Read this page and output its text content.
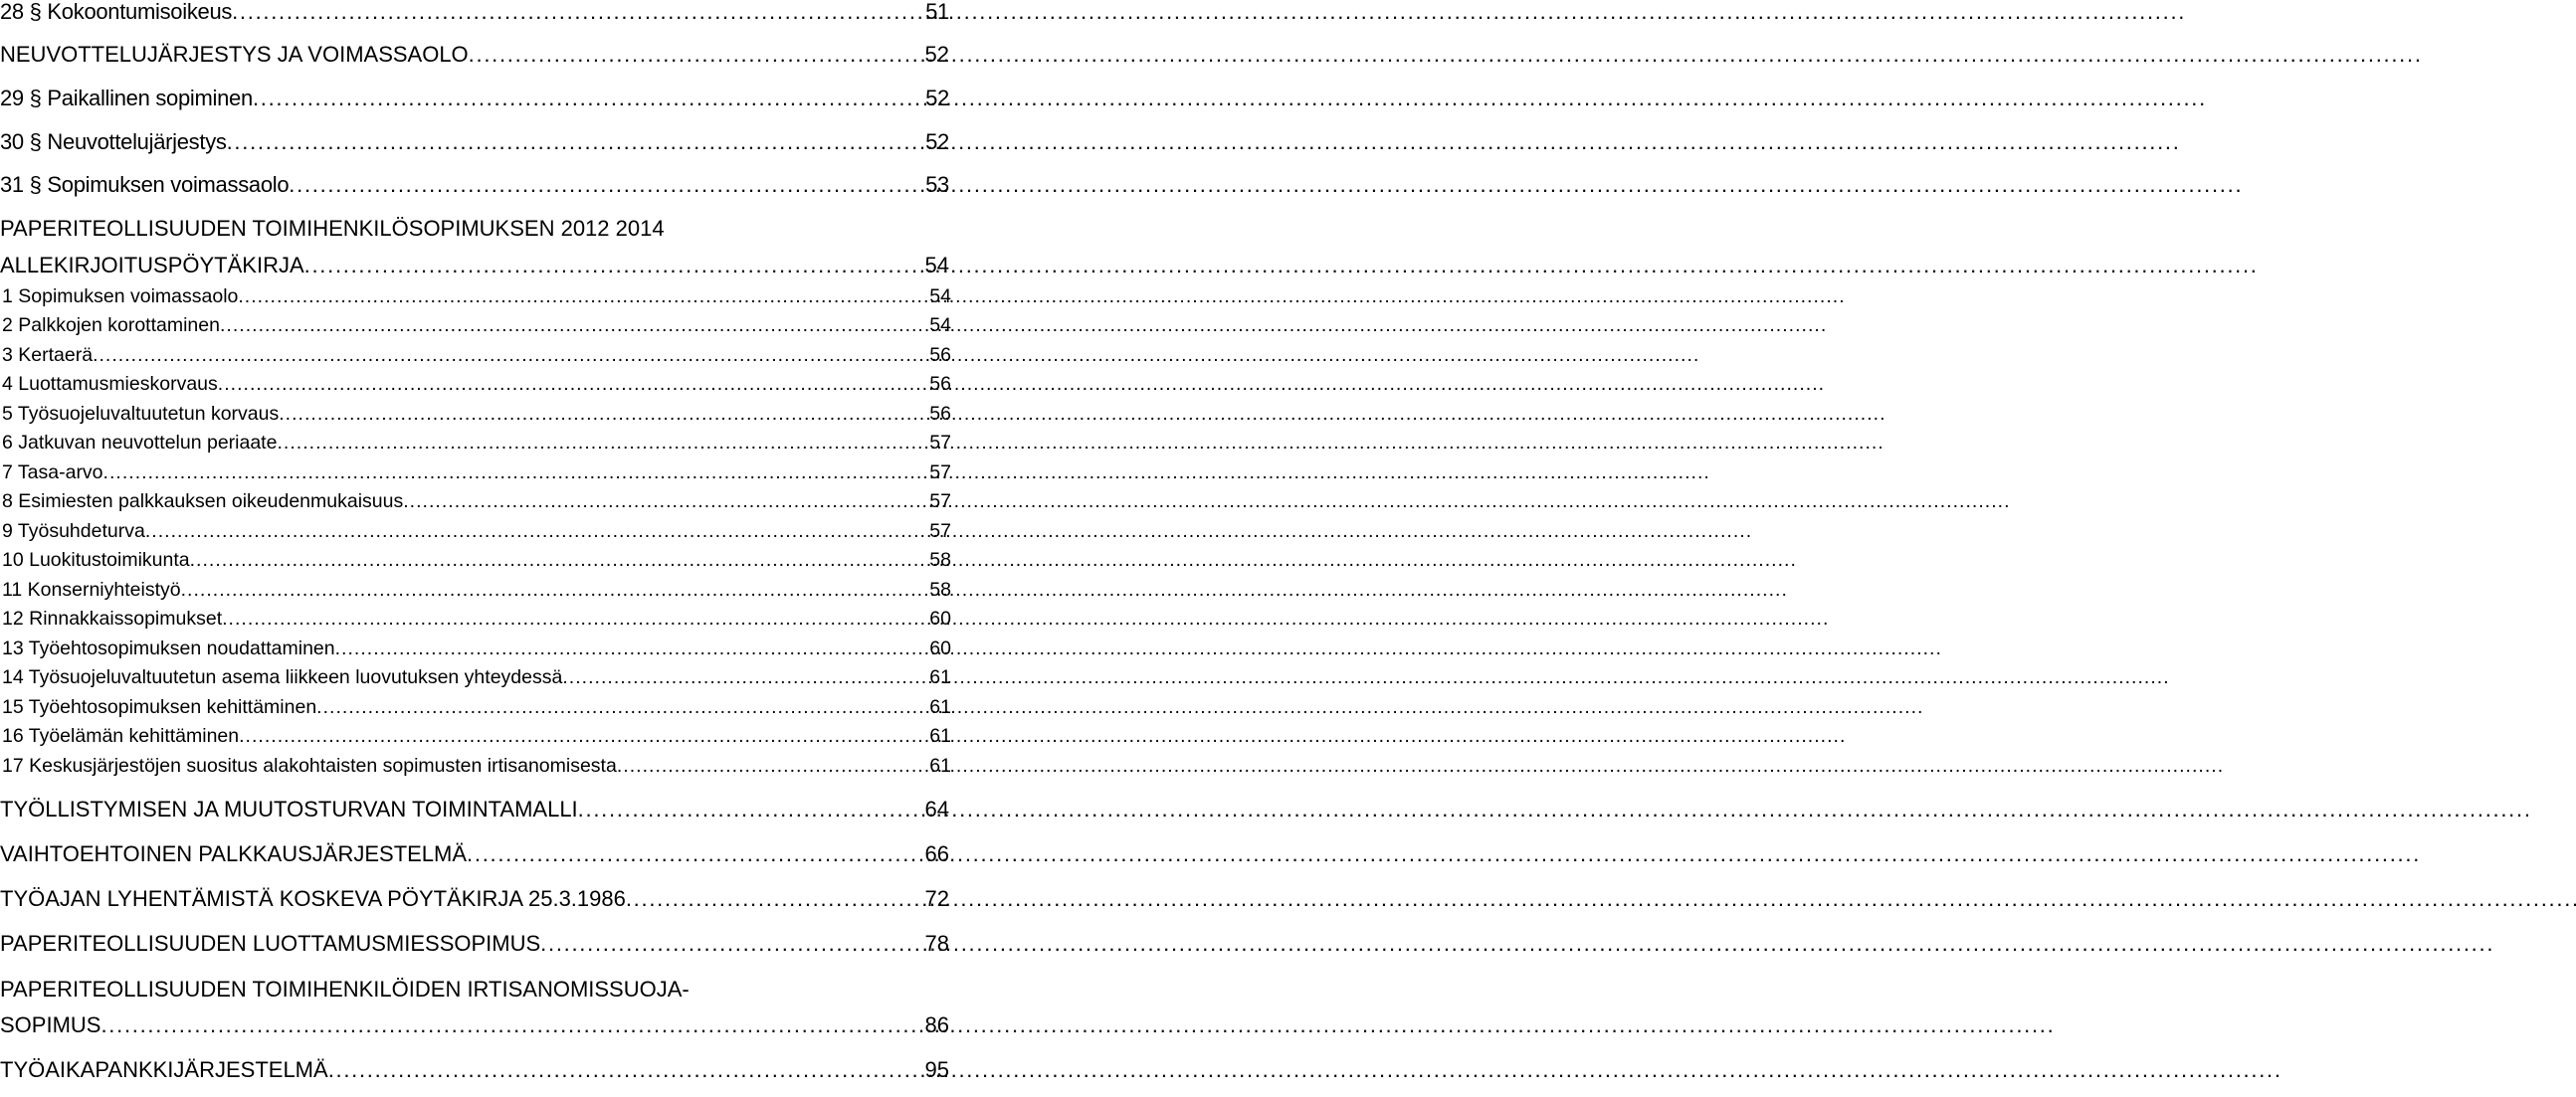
28 § Kokoontumisoikeus . . .	51
NEUVOTTELUJÄRJESTYS JA VOIMASSAOLO . . .	52
29 § Paikallinen sopiminen . . .	52
30 § Neuvottelujärjestys . . .	52
31 § Sopimuksen voimassaolo . . .	53
PAPERITEOLLISUUDEN TOIMIHENKILÖSOPIMUKSEN 2012 2014
ALLEKIRJOITUSPÖYTÄKIRJA . . .	54
1 Sopimuksen voimassaolo . . .	54
2 Palkkojen korottaminen . . .	54
3 Kertaerä . . .	56
4 Luottamusmieskorvaus . . .	56
5 Työsuojeluvaltuutetun korvaus . . .	56
6 Jatkuvan neuvottelun periaate . . .	57
7 Tasa-arvo . . .	57
8 Esimiesten palkkauksen oikeudenmukaisuus . . .	57
9 Työsuhdeturva . . .	57
10 Luokitustoimikunta . . .	58
11 Konserniyhteistyö . . .	58
12 Rinnakkaissopimukset . . .	60
13 Työehtosopimuksen noudattaminen . . .	60
14 Työsuojeluvaltuutetun asema liikkeen luovutuksen yhteydessä . . .	61
15 Työehtosopimuksen kehittäminen . . .	61
16 Työelämän kehittäminen . . .	61
17 Keskusjärjestöjen suositus alakohtaisten sopimusten irtisanomisesta . . .	61
TYÖLLISTYMISEN JA MUUTOSTURVAN TOIMINTAMALLI . . .	64
VAIHTOEHTOINEN PALKKAUSJÄRJESTELMÄ . . .	66
TYÖAJAN LYHENTÄMISTÄ KOSKEVA PÖYTÄKIRJA 25.3.1986 . . .	72
PAPERITEOLLISUUDEN LUOTTAMUSMIESSOPIMUS . . .	78
PAPERITEOLLISUUDEN TOIMIHENKILÖIDEN IRTISANOMISSUOJA-
SOPIMUS . . .	86
TYÖAIKAPANKKIJÄRJESTELMÄ . . .	95
